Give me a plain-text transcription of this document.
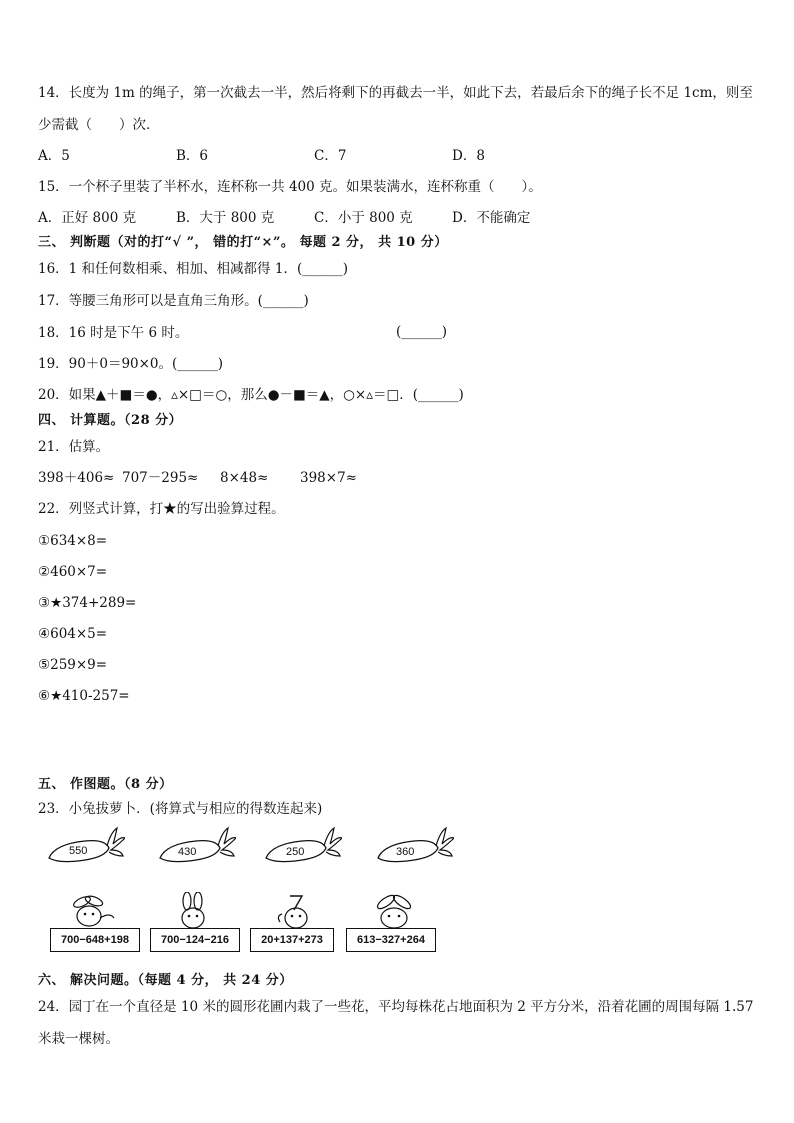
14．长度为 1m 的绳子，第一次截去一半，然后将剩下的再截去一半，如此下去，若最后余下的绳子长不足 1cm，则至
少需截（　　）次．
A．5	B．6	C．7	D．8
15．一个杯子里装了半杯水，连杯称一共 400 克。如果装满水，连杯称重（　　）。
A．正好 800 克	B．大于 800 克	C．小于 800 克	D．不能确定
三、 判断题（对的打“√ ”， 错的打“×”。 每题 2 分， 共 10 分）
16．1 和任何数相乘、相加、相减都得 1．(______)
17．等腰三角形可以是直角三角形。(______)
18．16 时是下午 6 时。	(______)
19．90＋0＝90×0。(______)
20．如果▲＋■＝●，▵×□＝○，那么●－■＝▲，○×▵＝□．(______)
四、 计算题。（28 分）
21．估算。
398＋406≈ 707－295≈ 8×48≈ 398×7≈
22．列竖式计算，打★的写出验算过程。
①634×8=
②460×7=
③★374+289=
④604×5=
⑤259×9=
⑥★410-257=
五、 作图题。（8 分）
23．小兔拔萝卜．(将算式与相应的得数连起来)
550	430	250	360
700−648+198	700−124−216	20+137+273	613−327+264
六、 解决问题。（每题 4 分， 共 24 分）
24．园丁在一个直径是 10 米的圆形花圃内栽了一些花，平均每株花占地面积为 2 平方分米，沿着花圃的周围每隔 1.57
米栽一棵树。
